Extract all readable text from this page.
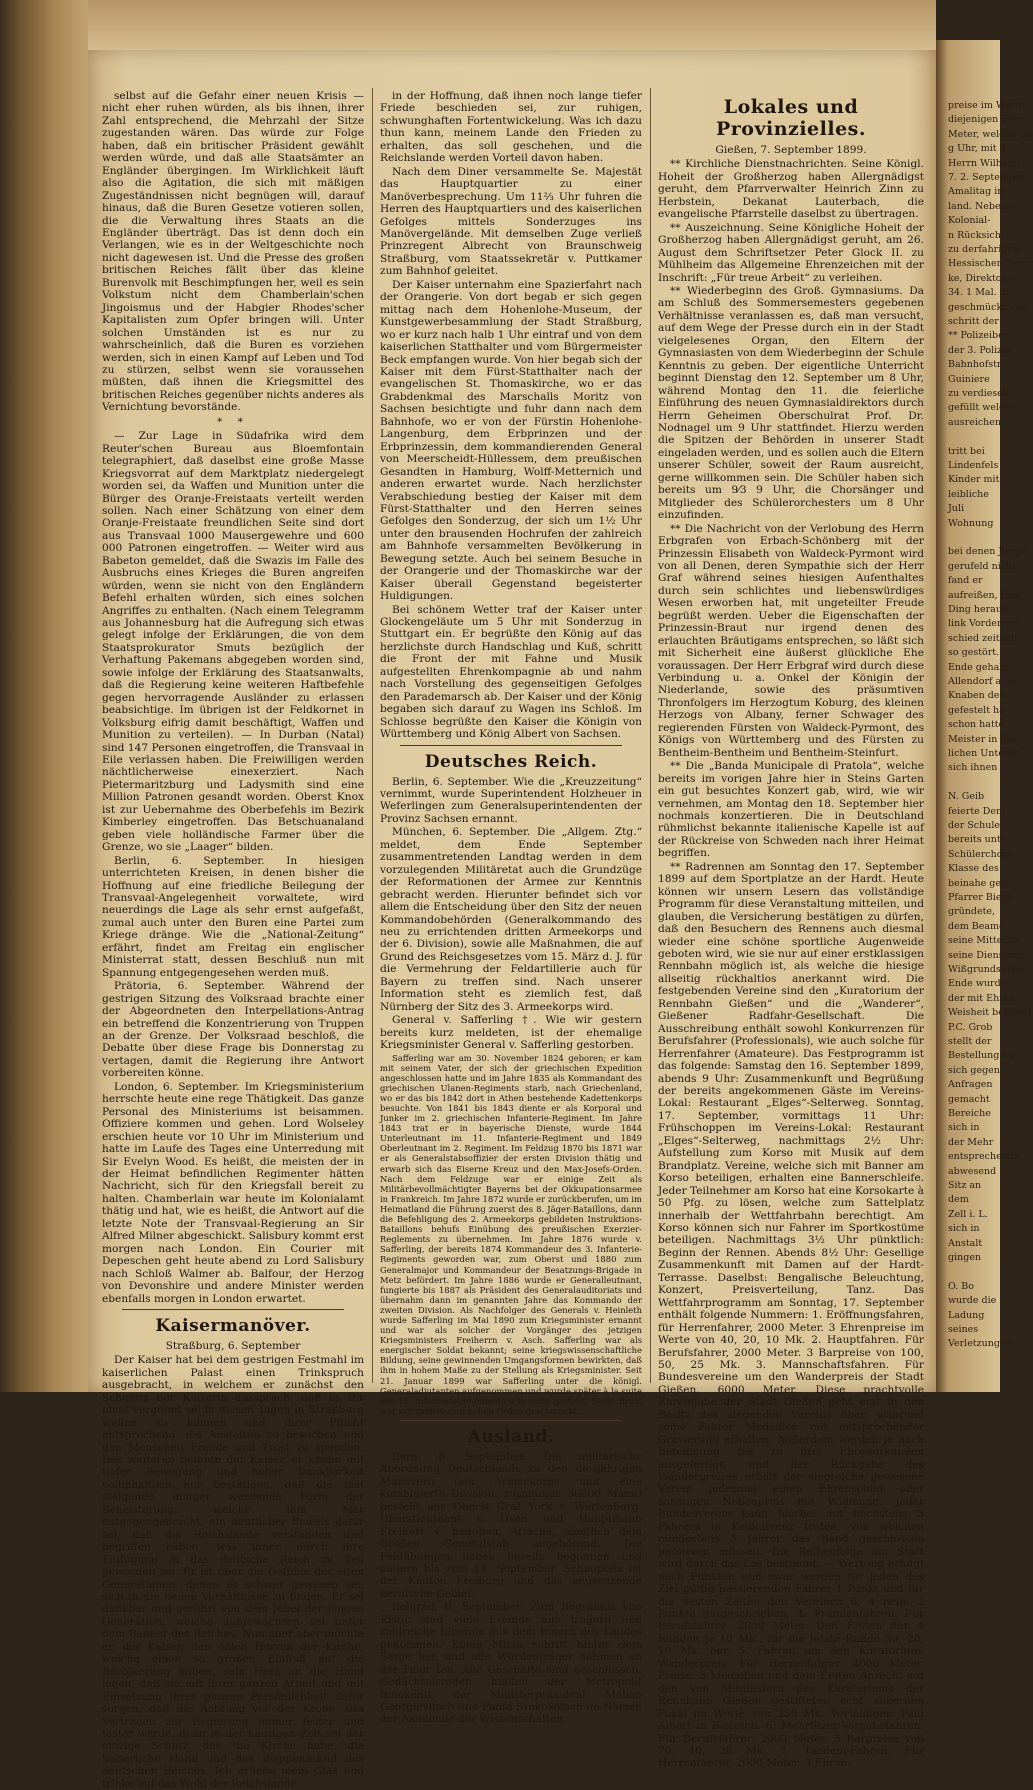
selbst auf die Gefahr einer neuen Krisis — nicht eher ruhen würden, als bis ihnen, ihrer Zahl entsprechend, die Mehrzahl der Sitze zugestanden wären. Das würde zur Folge haben, daß ein britischer Präsident gewählt werden würde, und daß alle Staatsämter an Engländer übergingen. Im Wirklichkeit läuft also die Agitation, die sich mit mäßigen Zugeständnissen nicht begnügen will, darauf hinaus, daß die Buren Gesetze votieren sollen, die die Verwaltung ihres Staats an die Engländer überträgt. Das ist denn doch ein Verlangen, wie es in der Weltgeschichte noch nicht dagewesen ist. Und die Presse des großen britischen Reiches fällt über das kleine Burenvolk mit Beschimpfungen her, weil es sein Volkstum nicht dem Chamberlain'schen Jingoismus und der Habgier Rhodes'scher Kapitalisten zum Opfer bringen will. Unter solchen Umständen ist es nur zu wahrscheinlich, daß die Buren es vorziehen werden, sich in einen Kampf auf Leben und Tod zu stürzen, selbst wenn sie voraussehen müßten, daß ihnen die Kriegsmittel des britischen Reiches gegenüber nichts anderes als Vernichtung bevorstände.

* *

— Zur Lage in Südafrika wird dem Reuter'schen Bureau aus Bloemfontain telegraphiert, daß daselbst eine große Masse Kriegsvorrat auf dem Marktplatz niedergelegt worden sei, da Waffen und Munition unter die Bürger des Oranje-Freistaats verteilt werden sollen. Nach einer Schätzung von einer dem Oranje-Freistaate freundlichen Seite sind dort aus Transvaal 1000 Mausergewehre und 600 000 Patronen eingetroffen. — Weiter wird aus Babeton gemeldet, daß die Swazis im Falle des Ausbruchs eines Krieges die Buren angreifen würden, wenn sie nicht von den Engländern Befehl erhalten würden, sich eines solchen Angriffes zu enthalten. (Nach einem Telegramm aus Johannesburg hat die Aufregung sich etwas gelegt infolge der Erklärungen, die von dem Staatsprokurator Smuts bezüglich der Verhaftung Pakemans abgegeben worden sind, sowie infolge der Erklärung des Staatsanwalts, daß die Regierung keine weiteren Haftbefehle gegen hervorragende Ausländer zu erlassen beabsichtige. Im übrigen ist der Feldkornet in Volksburg eifrig damit beschäftigt, Waffen und Munition zu verteilen). — In Durban (Natal) sind 147 Personen eingetroffen, die Transvaal in Eile verlassen haben. Die Freiwilligen werden nächtlicherweise einexerziert. Nach Pietermaritzburg und Ladysmith sind eine Million Patronen gesandt worden. Oberst Knox ist zur Uebernahme des Oberbefehls im Bezirk Kimberley eingetroffen. Das Betschuanaland geben viele holländische Farmer über die Grenze, wo sie „Laager“ bilden.

Berlin, 6. September. In hiesigen unterrichteten Kreisen, in denen bisher die Hoffnung auf eine friedliche Beilegung der Transvaal-Angelegenheit vorwaltete, wird neuerdings die Lage als sehr ernst aufgefaßt, zumal auch unter den Buren eine Partei zum Kriege dränge. Wie die „National-Zeitung“ erfährt, findet am Freitag ein englischer Ministerrat statt, dessen Beschluß nun mit Spannung entgegengesehen werden muß.

Prätoria, 6. September. Während der gestrigen Sitzung des Volksraad brachte einer der Abgeordneten den Interpellations-Antrag ein betreffend die Konzentrierung von Truppen an der Grenze. Der Volksraad beschloß, die Debatte über diese Frage bis Donnerstag zu vertagen, damit die Regierung ihre Antwort vorbereiten könne.

London, 6. September. Im Kriegsministerium herrschte heute eine rege Thätigkeit. Das ganze Personal des Ministeriums ist beisammen. Offiziere kommen und gehen. Lord Wolseley erschien heute vor 10 Uhr im Ministerium und hatte im Laufe des Tages eine Unterredung mit Sir Evelyn Wood. Es heißt, die meisten der in der Heimat befindlichen Regimenter hätten Nachricht, sich für den Kriegsfall bereit zu halten. Chamberlain war heute im Kolonialamt thätig und hat, wie es heißt, die Antwort auf die letzte Note der Transvaal-Regierung an Sir Alfred Milner abgeschickt. Salisbury kommt erst morgen nach London. Ein Courier mit Depeschen geht heute abend zu Lord Salisbury nach Schloß Walmer ab. Balfour, der Herzog von Devonshire und andere Minister werden ebenfalls morgen in London erwartet.

Kaisermanöver.
Straßburg, 6. September

Der Kaiser hat bei dem gestrigen Festmahl im kaiserlichen Palast einen Trinkspruch ausgebracht, in welchem er zunächst den Schmerz der Kaiserin aussprach, daß es ihr nicht vergönnt sei in diesen Tagen in Straßburg weilen zu können und ihrer Pflicht entsprechend, die Anstalten zu besuchen und den Menschen Freude und Trost zu spenden. Des weiteren betonte der Kaiser, er könne mit tiefer Bewegung und hoher Dankbarkeit vollinhaltlich nur bestätigen, daß die fast steigende inniger werdende Form der Begeisterung, welche ihm hier entgegengebracht, ein deutlicher Beweis dafür sei, daß die Reichslande verstanden und begriffen haben, was ihnen durch ihre Einfügung in das deutsche Reich zu Teil geworden sei. Er ist über die Gefühle der alten Generationen, denen es schwer gewesen sei, sich in die neuen Verhältnisse zu finden. Er sei dankbar und gerührt von dem Jubel der jungen Generation, welche aufgewachsen sei unter dem Banner des Reiches. Nun aber aber möchte er, der Kaiser, den edlen Herren der Kirche, welche einen so großen Einfluß auf die Bevölkerung haben, sein Herz an die Hand legen, daß sie mit ihrer ganzen Arbeit und mit Einsetzung ihrer ganzen Persönlichkeit dafür sorgen, daß die Achtung vor der Krone, das Vertrauen zur Regierung immer fester und fester werde, denn in der heutigen Zeit sei der einzige Schutz, den die Kirche habe, die kaiserliche Hand und das Wappenschild des deutschen Reiches. Ich erhebe mein Glas und trinke auf das Wohl der Reichslande

in der Hoffnung, daß ihnen noch lange tiefer Friede beschieden sei, zur ruhigen, schwunghaften Fortentwickelung. Was ich dazu thun kann, meinem Lande den Frieden zu erhalten, das soll geschehen, und die Reichslande werden Vorteil davon haben.

Nach dem Diner versammelte Se. Majestät das Hauptquartier zu einer Manöverbesprechung. Um 11⅔ Uhr fuhren die Herren des Hauptquartiers und des kaiserlichen Gefolges mittels Sonderzuges ins Manövergelände. Mit demselben Zuge verließ Prinzregent Albrecht von Braunschweig Straßburg, vom Staatssekretär v. Puttkamer zum Bahnhof geleitet.

Der Kaiser unternahm eine Spazierfahrt nach der Orangerie. Von dort begab er sich gegen mittag nach dem Hohenlohe-Museum, der Kunstgewerbesammlung der Stadt Straßburg, wo er kurz nach halb 1 Uhr eintraf und von dem kaiserlichen Statthalter und vom Bürgermeister Beck empfangen wurde. Von hier begab sich der Kaiser mit dem Fürst-Statthalter nach der evangelischen St. Thomaskirche, wo er das Grabdenkmal des Marschalls Moritz von Sachsen besichtigte und fuhr dann nach dem Bahnhofe, wo er von der Fürstin Hohenlohe-Langenburg, dem Erbprinzen und der Erbprinzessin, dem kommandierenden General von Meerscheidt-Hüllessem, dem preußischen Gesandten in Hamburg, Wolff-Metternich und anderen erwartet wurde. Nach herzlichster Verabschiedung bestieg der Kaiser mit dem Fürst-Statthalter und den Herren seines Gefolges den Sonderzug, der sich um 1½ Uhr unter den brausenden Hochrufen der zahlreich am Bahnhofe versammelten Bevölkerung in Bewegung setzte. Auch bei seinem Besuche in der Orangerie und der Thomaskirche war der Kaiser überall Gegenstand begeisterter Huldigungen.

Bei schönem Wetter traf der Kaiser unter Glockengeläute um 5 Uhr mit Sonderzug in Stuttgart ein. Er begrüßte den König auf das herzlichste durch Handschlag und Kuß, schritt die Front der mit Fahne und Musik aufgestellten Ehrenkompagnie ab und nahm nach Vorstellung des gegenseitigen Gefolges den Parademarsch ab. Der Kaiser und der König begaben sich darauf zu Wagen ins Schloß. Im Schlosse begrüßte den Kaiser die Königin von Württemberg und König Albert von Sachsen.

Deutsches Reich.

Berlin, 6. September. Wie die „Kreuzzeitung“ vernimmt, wurde Superintendent Holzheuer in Weferlingen zum Generalsuperintendenten der Provinz Sachsen ernannt.

München, 6. September. Die „Allgem. Ztg.“ meldet, dem Ende September zusammentretenden Landtag werden in dem vorzulegenden Militäretat auch die Grundzüge der Reformationen der Armee zur Kenntnis gebracht werden. Hierunter befindet sich vor allem die Entscheidung über den Sitz der neuen Kommandobehörden (Generalkommando des neu zu errichtenden dritten Armeekorps und der 6. Division), sowie alle Maßnahmen, die auf Grund des Reichsgesetzes vom 15. März d. J. für die Vermehrung der Feldartillerie auch für Bayern zu treffen sind. Nach unserer Information steht es ziemlich fest, daß Nürnberg der Sitz des 3. Armeekorps wird.

General v. Safferling †. Wie wir gestern bereits kurz meldeten, ist der ehemalige Kriegsminister General v. Safferling gestorben.

Safferling war am 30. November 1824 geboren; er kam mit seinem Vater, der sich der griechischen Expedition angeschlossen hatte und im Jahre 1835 als Kommandant des griechischen Ulanen-Regiments starb, nach Griechenland, wo er das bis 1842 dort in Athen bestehende Kadettenkorps besuchte. Von 1841 bis 1843 diente er als Korporal und Junker im 2. griechischen Infanterie-Regiment. Im Jahre 1843 trat er in bayerische Dienste, wurde 1844 Unterleutnant im 11. Infanterie-Regiment und 1849 Oberleutnant im 2. Regiment. Im Feldzug 1870 bis 1871 war er als Generalstabsoffizier der ersten Division thätig und erwarb sich das Eiserne Kreuz und den Max-Josefs-Orden. Nach dem Feldzuge war er einige Zeit als Militärbevollmächtigter Bayerns bei der Okkupationsarmee in Frankreich. Im Jahre 1872 wurde er zurückberufen, um im Heimatland die Führung zuerst des 8. Jäger-Bataillons, dann die Befehligung des 2. Armeekorps gebildeten Instruktions-Bataillons behufs Einübung des preußischen Exerzier-Reglements zu übernehmen. Im Jahre 1876 wurde v. Safferling, der bereits 1874 Kommandeur des 3. Infanterie-Regiments geworden war, zum Oberst und 1880 zum Generalmajor und Kommandeur der Besatzungs-Brigade in Metz befördert. Im Jahre 1886 wurde er Generalleutnant, fungierte bis 1887 als Präsident des Generalauditoriats und übernahm dann im genannten Jahre das Kommando der zweiten Division. Als Nachfolger des Generals v. Heinleth wurde Safferling im Mai 1890 zum Kriegsminister ernannt und war als solcher der Vorgänger des jetzigen Kriegsministers Freiherrn v. Asch. Safferling war als energischer Soldat bekannt; seine kriegswissenschaftliche Bildung, seine gewinnenden Umgangsformen bewirkten, daß ihm in hohem Maße zu der Stellung als Kriegsminister. Seit 21. Januar 1899 war Safferling unter die königl. Generaladjutanten aufgenommen und wurde später à la suite des 11. Infanterie-Regiments à la suite gestellt. Seine Brust war mit zahlreichen hohen Orden geschmückt.

Ausland.

Bern, 6. September. Die militärische Abordnung Deutschlands zu den diesjährigen Manövern (ein Armeekorps und eine kombinierte Division, zusammen 36000 Mann) besteht aus Oberst Graf York v. Wartenburg, Oberstleutnant v. Oven und Hauptmann Freiherr v. Beaulieu, Attaché, sämtlich dem Großen Generalstab angehörend. Die Feldübungen haben bereits begonnen und dauern bis zum 14. September. Schauplatz ist der Kanton Freiburg und das angrenzende bernische Gebiet.

Belgrad, 6. September. Zum Begräbnis von Ristic sind viele Fremde aus Ungarn und zahlreiche Liberale aus dem Innern des Landes gekommen. König Milan schritt hinter dem Sarge her, und alle Würdenträger nahmen an der Feier teil. Alle Geschäfte sind geschlossen. Gedächtnisreden hielten der Metropolit Innokenti, der Ministerpräsident Maban Georgievitsch und Panta Srekowitsch im Namen der Akademie der Wissenschaften.

Lokales und Provinzielles.
Gießen, 7. September 1899.

** Kirchliche Dienstnachrichten. Seine Königl. Hoheit der Großherzog haben Allergnädigst geruht, dem Pfarrverwalter Heinrich Zinn zu Herbstein, Dekanat Lauterbach, die evangelische Pfarrstelle daselbst zu übertragen.

** Auszeichnung. Seine Königliche Hoheit der Großherzog haben Allergnädigst geruht, am 26. August dem Schriftsetzer Peter Glock II. zu Mühlheim das Allgemeine Ehrenzeichen mit der Inschrift: „Für treue Arbeit“ zu verleihen.

** Wiederbeginn des Groß. Gymnasiums. Da am Schluß des Sommersemesters gegebenen Verhältnisse veranlassen es, daß man versucht, auf dem Wege der Presse durch ein in der Stadt vielgelesenes Organ, den Eltern der Gymnasiasten von dem Wiederbeginn der Schule Kenntnis zu geben. Der eigentliche Unterricht beginnt Dienstag den 12. September um 8 Uhr, während Montag den 11. die feierliche Einführung des neuen Gymnasialdirektors durch Herrn Geheimen Oberschulrat Prof. Dr. Nodnagel um 9 Uhr stattfindet. Hierzu werden die Spitzen der Behörden in unserer Stadt eingeladen werden, und es sollen auch die Eltern unserer Schüler, soweit der Raum ausreicht, gerne willkommen sein. Die Schüler haben sich bereits um 9⁄3 9 Uhr, die Chorsänger und Mitglieder des Schülerorchesters um 8 Uhr einzufinden.

** Die Nachricht von der Verlobung des Herrn Erbgrafen von Erbach-Schönberg mit der Prinzessin Elisabeth von Waldeck-Pyrmont wird von all Denen, deren Sympathie sich der Herr Graf während seines hiesigen Aufenthaltes durch sein schlichtes und liebenswürdiges Wesen erworben hat, mit ungeteilter Freude begrüßt werden. Ueber die Eigenschaften der Prinzessin-Braut nur irgend denen des erlauchten Bräutigams entsprechen, so läßt sich mit Sicherheit eine äußerst glückliche Ehe voraussagen. Der Herr Erbgraf wird durch diese Verbindung u. a. Onkel der Königin der Niederlande, sowie des präsumtiven Thronfolgers im Herzogtum Koburg, des kleinen Herzogs von Albany, ferner Schwager des regierenden Fürsten von Waldeck-Pyrmont, des Königs von Württemberg und des Fürsten zu Bentheim-Bentheim und Bentheim-Steinfurt.

** Die „Banda Municipale di Pratola“, welche bereits im vorigen Jahre hier in Steins Garten ein gut besuchtes Konzert gab, wird, wie wir vernehmen, am Montag den 18. September hier nochmals konzertieren. Die in Deutschland rühmlichst bekannte italienische Kapelle ist auf der Rückreise von Schweden nach ihrer Heimat begriffen.

** Radrennen am Sonntag den 17. September 1899 auf dem Sportplatze an der Hardt. Heute können wir unsern Lesern das vollständige Programm für diese Veranstaltung mitteilen, und glauben, die Versicherung bestätigen zu dürfen, daß den Besuchern des Rennens auch diesmal wieder eine schöne sportliche Augenweide geboten wird, wie sie nur auf einer erstklassigen Rennbahn möglich ist, als welche die hiesige allseitig rückhaltlos anerkannt wird. Die festgebenden Vereine sind den „Kuratorium der Rennbahn Gießen“ und die „Wanderer“, Gießener Radfahr-Gesellschaft. Die Ausschreibung enthält sowohl Konkurrenzen für Berufsfahrer (Professionals), wie auch solche für Herrenfahrer (Amateure). Das Festprogramm ist das folgende: Samstag den 16. September 1899, abends 9 Uhr: Zusammenkunft und Begrüßung der bereits angekommenen Gäste im Vereins-Lokal: Restaurant „Elges“-Selterweg. Sonntag, 17. September, vormittags 11 Uhr: Frühschoppen im Vereins-Lokal: Restaurant „Elges“-Selterweg, nachmittags 2½ Uhr: Aufstellung zum Korso mit Musik auf dem Brandplatz. Vereine, welche sich mit Banner am Korso beteiligen, erhalten eine Bannerschleife. Jeder Teilnehmer am Korso hat eine Korsokarte à 50 Pfg. zu lösen, welche zum Sattelplatz innerhalb der Wettfahrbahn berechtigt. Am Korso können sich nur Fahrer im Sportkostüme beteiligen. Nachmittags 3½ Uhr pünktlich: Beginn der Rennen. Abends 8½ Uhr: Gesellige Zusammenkunft mit Damen auf der Hardt-Terrasse. Daselbst: Bengalische Beleuchtung, Konzert, Preisverteilung, Tanz. Das Wettfahrprogramm am Sonntag, 17. September enthält folgende Nummern: 1. Eröffnungsfahren, für Herrenfahrer, 2000 Meter. 3 Ehrenpreise im Werte von 40, 20, 10 Mk. 2. Hauptfahren. Für Berufsfahrer, 2000 Meter. 3 Barpreise von 100, 50, 25 Mk. 3. Mannschaftsfahren. Für Bundesvereine um den Wanderpreis der Stadt Gießen. 6000 Meter. Diese prachtvolle Ehrengabe der Stadt Gießen geht erst in den Besitz des siegenden Vereins über, während seine Fahrer Medaillen mit entsprechender Gravierung erhalten. Außerdem werden je nach Beteiligung bis zu drei Ehrenurkunden ausgefertigt, und der Rückgabe des Wanderpreises erhält der siegreiche gewesene Verein jedesmal einen Ehrenschild oder sonstigen Nebenpreis mit Widmung. Jeder Bundesverein kann hierbei mit höchstens 5 Fahrern in Konkurrenz treten, von welchen mindestens 3 Jahrer das Band geschlossen passieren müssen. Die Reihenfolge am Start wird durch das Los bestimmt. — Wertung erfolgt nach Punkten und zwar werden für jeden das Ziel gültig passierenden Fahrer 1 Punkt und für die besten Zeiten den Vereinen 6, 4 resp. 2 Punkte gutgeschrieben. 4. Prämienfahren. Für Berufsfahrer. 2000 Meter. Den Ersten der 4 Runden je 10 Mk., für die letzte Runde 30, 20, 10 Mk. bar. 5. Fahren um den Kuratorium-Wanderpreis. Für Herrenfahrer. 4000 Meter. Preise: 3 Medaillen und dem Ersten Anrecht auf den von Mitgliedern des Kuratoriums der Rennbahn Gießen gestifteten echt silbernen Pokal im Werte von 250 Mk. Verteidiger: Paul Albert in Biebrich. 6. Mehrfitzer-Vorgabefahren. Für Berufsfahrer. 2000 Meter. 3 Barpreise von 70, 40, 20 Mk. 7. Tandem-Fahren. Für Herrenfahrer. 2000 Meter. 3 Ehren-

preise im Werte
diejenigen Fahr
Meter, welche bis
g Uhr, mit 3
Herrn Wilhelm
7. 2. September
Amalitag in
land. Neben e
Kolonial-
n Rücksicht
zu derfahrigen
Hessischen Zentr
ke, Direktor a
34. 1 Mal. in
geschmückt und
schritt der
** Polizeiber
der 3. Polizei
Bahnhofstr
Guiniere
zu verdieselt
gefüllt welche
ausreichen
tritt bei
Lindenfels
Kinder mit
leibliche
Juli
Wohnung
bei denen Junge
gerufeld nicht
fand er
aufreißen, fand
Ding heraus
link Vorderran
schied zeitlich
so gestört.
Ende gehabt
Allendorf a. d.
Knaben des
gefestelt ha
schon hatte
Meister in die
lichen Unterbr
sich ihnen
N. Geib
feierte Dem
der Schule
bereits unte
Schülerchors
Klasse des
beinahe geb
Pfarrer Biege
gründete,
dem Beame
seine Mitteilun
seine Dienstzeit
Wißgrundsätze,
Ende wurde
der mit Ehren
Weisheit bekannt
P.C. Grob
stellt der
Bestellung no
sich gegen
Anfragen
gemacht
Bereiche
sich in
der Mehr
entsprechende
abwesend
Sitz an
dem
Zell i. L.
sich in
Anstalt
gingen
O. Bo
wurde die
Ladung
seines
Verletzungen.
